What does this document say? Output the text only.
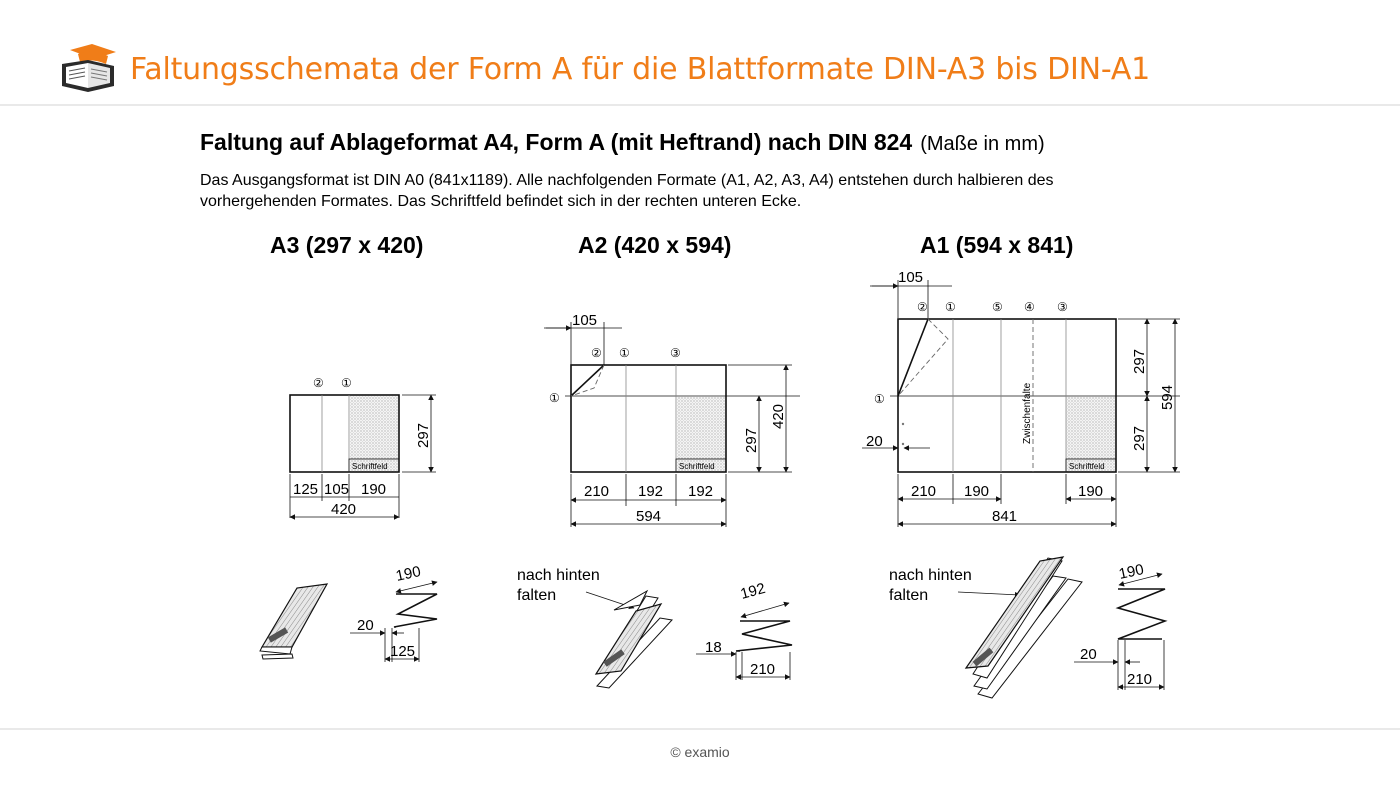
Faltungsschemata der Form A für die Blattformate DIN-A3 bis DIN-A1
Faltung auf Ablageformat A4, Form A (mit Heftrand) nach DIN 824 (Maße in mm)
Das Ausgangsformat ist DIN A0 (841x1189). Alle nachfolgenden Formate (A1, A2, A3, A4) entstehen durch halbieren des
vorhergehenden Formates. Das Schriftfeld befindet sich in der rechten unteren Ecke.
A3 (297 x 420)
② ①
Schriftfeld
297
125 105 190
420
190
20
125
A2 (420 x 594)
105
② ①	③
①
Schriftfeld
297
420
210 192 192
594
nach hinten
falten	192
18
210
A1 (594 x 841)
105
② ①	⑤ ④ ③
①	Zwischenfalte
Schriftfeld
20
297
297
594
210 190	190
841
nach hinten
falten
190
20
210
© examio
